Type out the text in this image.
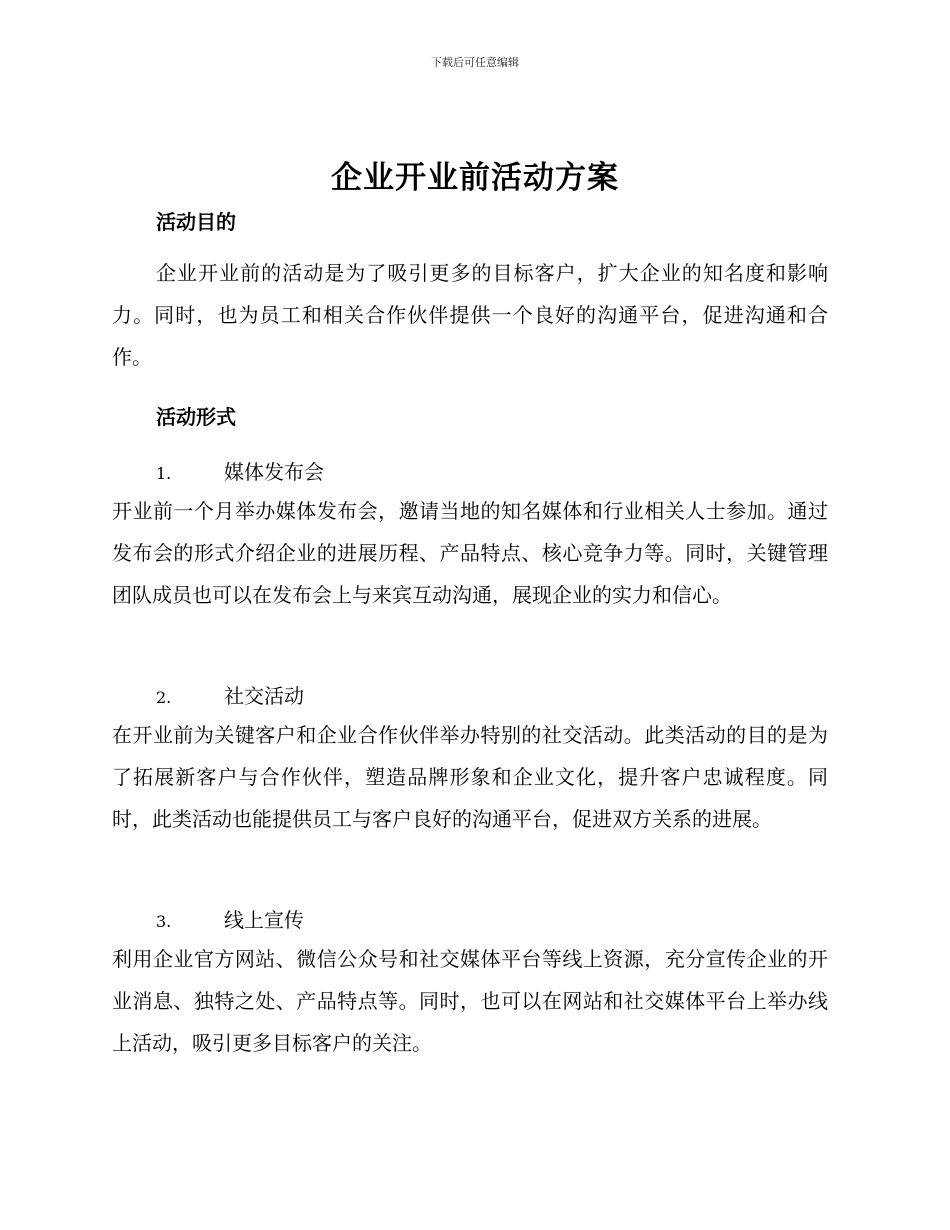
下载后可任意编辑
企业开业前活动方案
活动目的
企业开业前的活动是为了吸引更多的目标客户，扩大企业的知名度和影响力。同时，也为员工和相关合作伙伴提供一个良好的沟通平台，促进沟通和合作。
活动形式
1.	媒体发布会
开业前一个月举办媒体发布会，邀请当地的知名媒体和行业相关人士参加。通过发布会的形式介绍企业的进展历程、产品特点、核心竞争力等。同时，关键管理团队成员也可以在发布会上与来宾互动沟通，展现企业的实力和信心。
2.	社交活动
在开业前为关键客户和企业合作伙伴举办特别的社交活动。此类活动的目的是为了拓展新客户与合作伙伴，塑造品牌形象和企业文化，提升客户忠诚程度。同时，此类活动也能提供员工与客户良好的沟通平台，促进双方关系的进展。
3.	线上宣传
利用企业官方网站、微信公众号和社交媒体平台等线上资源，充分宣传企业的开业消息、独特之处、产品特点等。同时，也可以在网站和社交媒体平台上举办线上活动，吸引更多目标客户的关注。
